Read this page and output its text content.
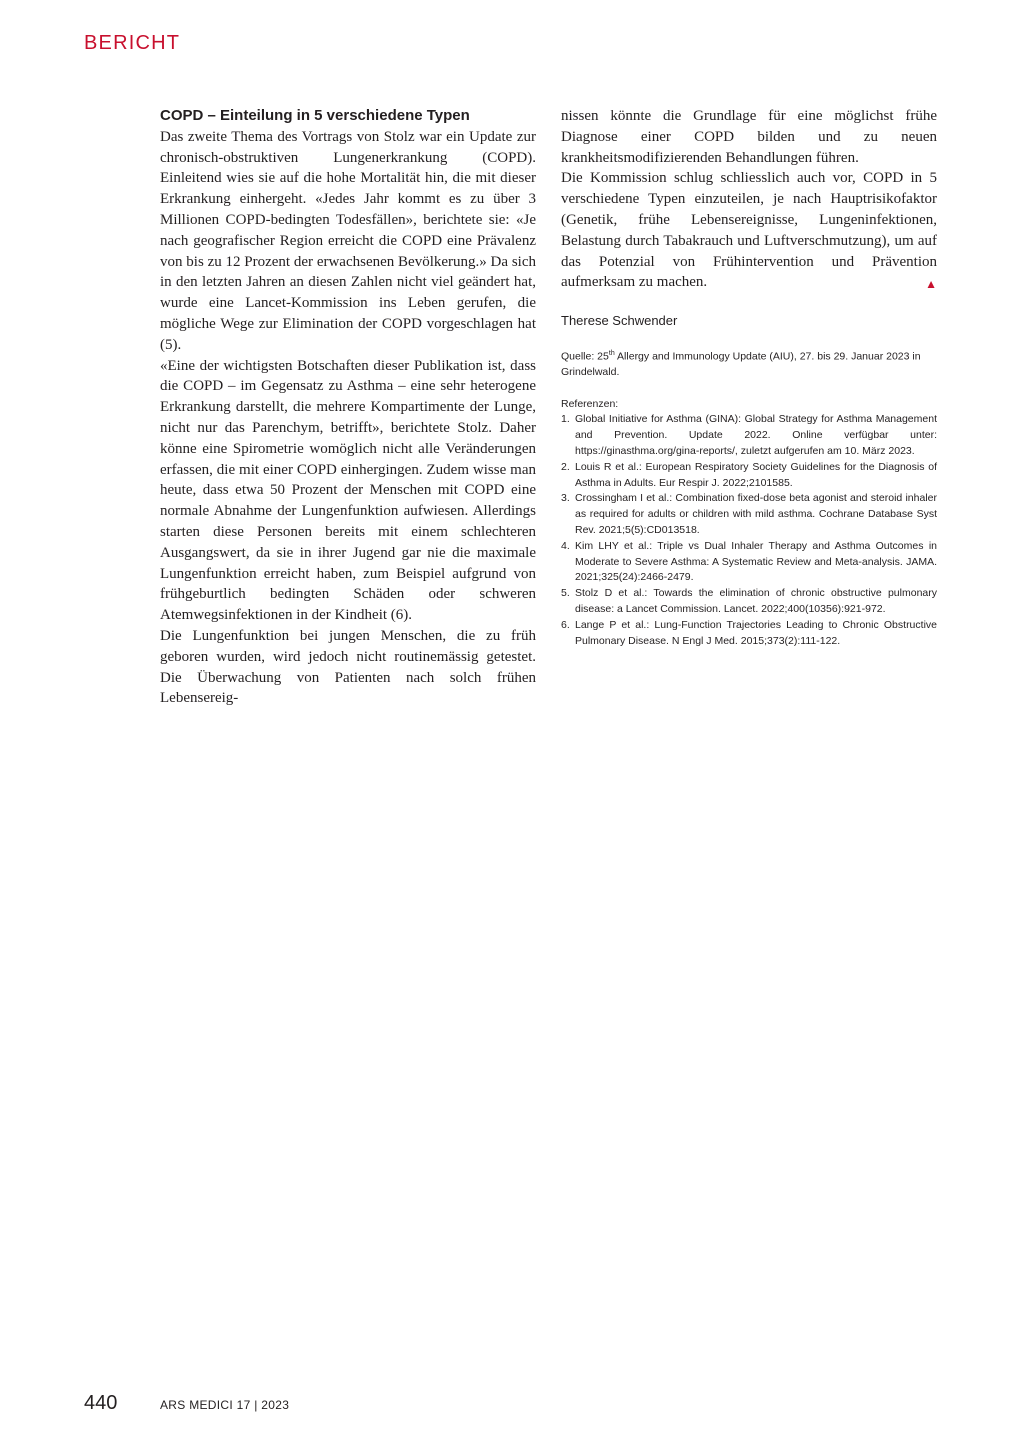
BERICHT
COPD – Einteilung in 5 verschiedene Typen

Das zweite Thema des Vortrags von Stolz war ein Update zur chronisch-obstruktiven Lungenerkrankung (COPD). Einleitend wies sie auf die hohe Mortalität hin, die mit dieser Erkrankung einhergeht. «Jedes Jahr kommt es zu über 3 Millionen COPD-bedingten Todesfällen», berichtete sie: «Je nach geografischer Region erreicht die COPD eine Prävalenz von bis zu 12 Prozent der erwachsenen Bevölkerung.» Da sich in den letzten Jahren an diesen Zahlen nicht viel geändert hat, wurde eine Lancet-Kommission ins Leben gerufen, die mögliche Wege zur Elimination der COPD vorgeschlagen hat (5).

«Eine der wichtigsten Botschaften dieser Publikation ist, dass die COPD – im Gegensatz zu Asthma – eine sehr heterogene Erkrankung darstellt, die mehrere Kompartimente der Lunge, nicht nur das Parenchym, betrifft», berichtete Stolz. Daher könne eine Spirometrie womöglich nicht alle Veränderungen erfassen, die mit einer COPD einhergingen. Zudem wisse man heute, dass etwa 50 Prozent der Menschen mit COPD eine normale Abnahme der Lungenfunktion aufwiesen. Allerdings starten diese Personen bereits mit einem schlechteren Ausgangswert, da sie in ihrer Jugend gar nie die maximale Lungenfunktion erreicht haben, zum Beispiel aufgrund von frühgeburtlich bedingten Schäden oder schweren Atemwegsinfektionen in der Kindheit (6).

Die Lungenfunktion bei jungen Menschen, die zu früh geboren wurden, wird jedoch nicht routinemässig getestet. Die Überwachung von Patienten nach solch frühen Lebensereig-

nissen könnte die Grundlage für eine möglichst frühe Diagnose einer COPD bilden und zu neuen krankheitsmodifizierenden Behandlungen führen.

Die Kommission schlug schliesslich auch vor, COPD in 5 verschiedene Typen einzuteilen, je nach Hauptrisikofaktor (Genetik, frühe Lebensereignisse, Lungeninfektionen, Belastung durch Tabakrauch und Luftverschmutzung), um auf das Potenzial von Frühintervention und Prävention aufmerksam zu machen. ▲

Therese Schwender

Quelle: 25th Allergy and Immunology Update (AIU), 27. bis 29. Januar 2023 in Grindelwald.

Referenzen:

1. Global Initiative for Asthma (GINA): Global Strategy for Asthma Management and Prevention. Update 2022. Online verfügbar unter: https://ginasthma.org/gina-reports/, zuletzt aufgerufen am 10. März 2023.
2. Louis R et al.: European Respiratory Society Guidelines for the Diagnosis of Asthma in Adults. Eur Respir J. 2022;2101585.
3. Crossingham I et al.: Combination fixed-dose beta agonist and steroid inhaler as required for adults or children with mild asthma. Cochrane Database Syst Rev. 2021;5(5):CD013518.
4. Kim LHY et al.: Triple vs Dual Inhaler Therapy and Asthma Outcomes in Moderate to Severe Asthma: A Systematic Review and Meta-analysis. JAMA. 2021;325(24):2466-2479.
5. Stolz D et al.: Towards the elimination of chronic obstructive pulmonary disease: a Lancet Commission. Lancet. 2022;400(10356):921-972.
6. Lange P et al.: Lung-Function Trajectories Leading to Chronic Obstructive Pulmonary Disease. N Engl J Med. 2015;373(2):111-122.
440	ARS MEDICI 17 | 2023
